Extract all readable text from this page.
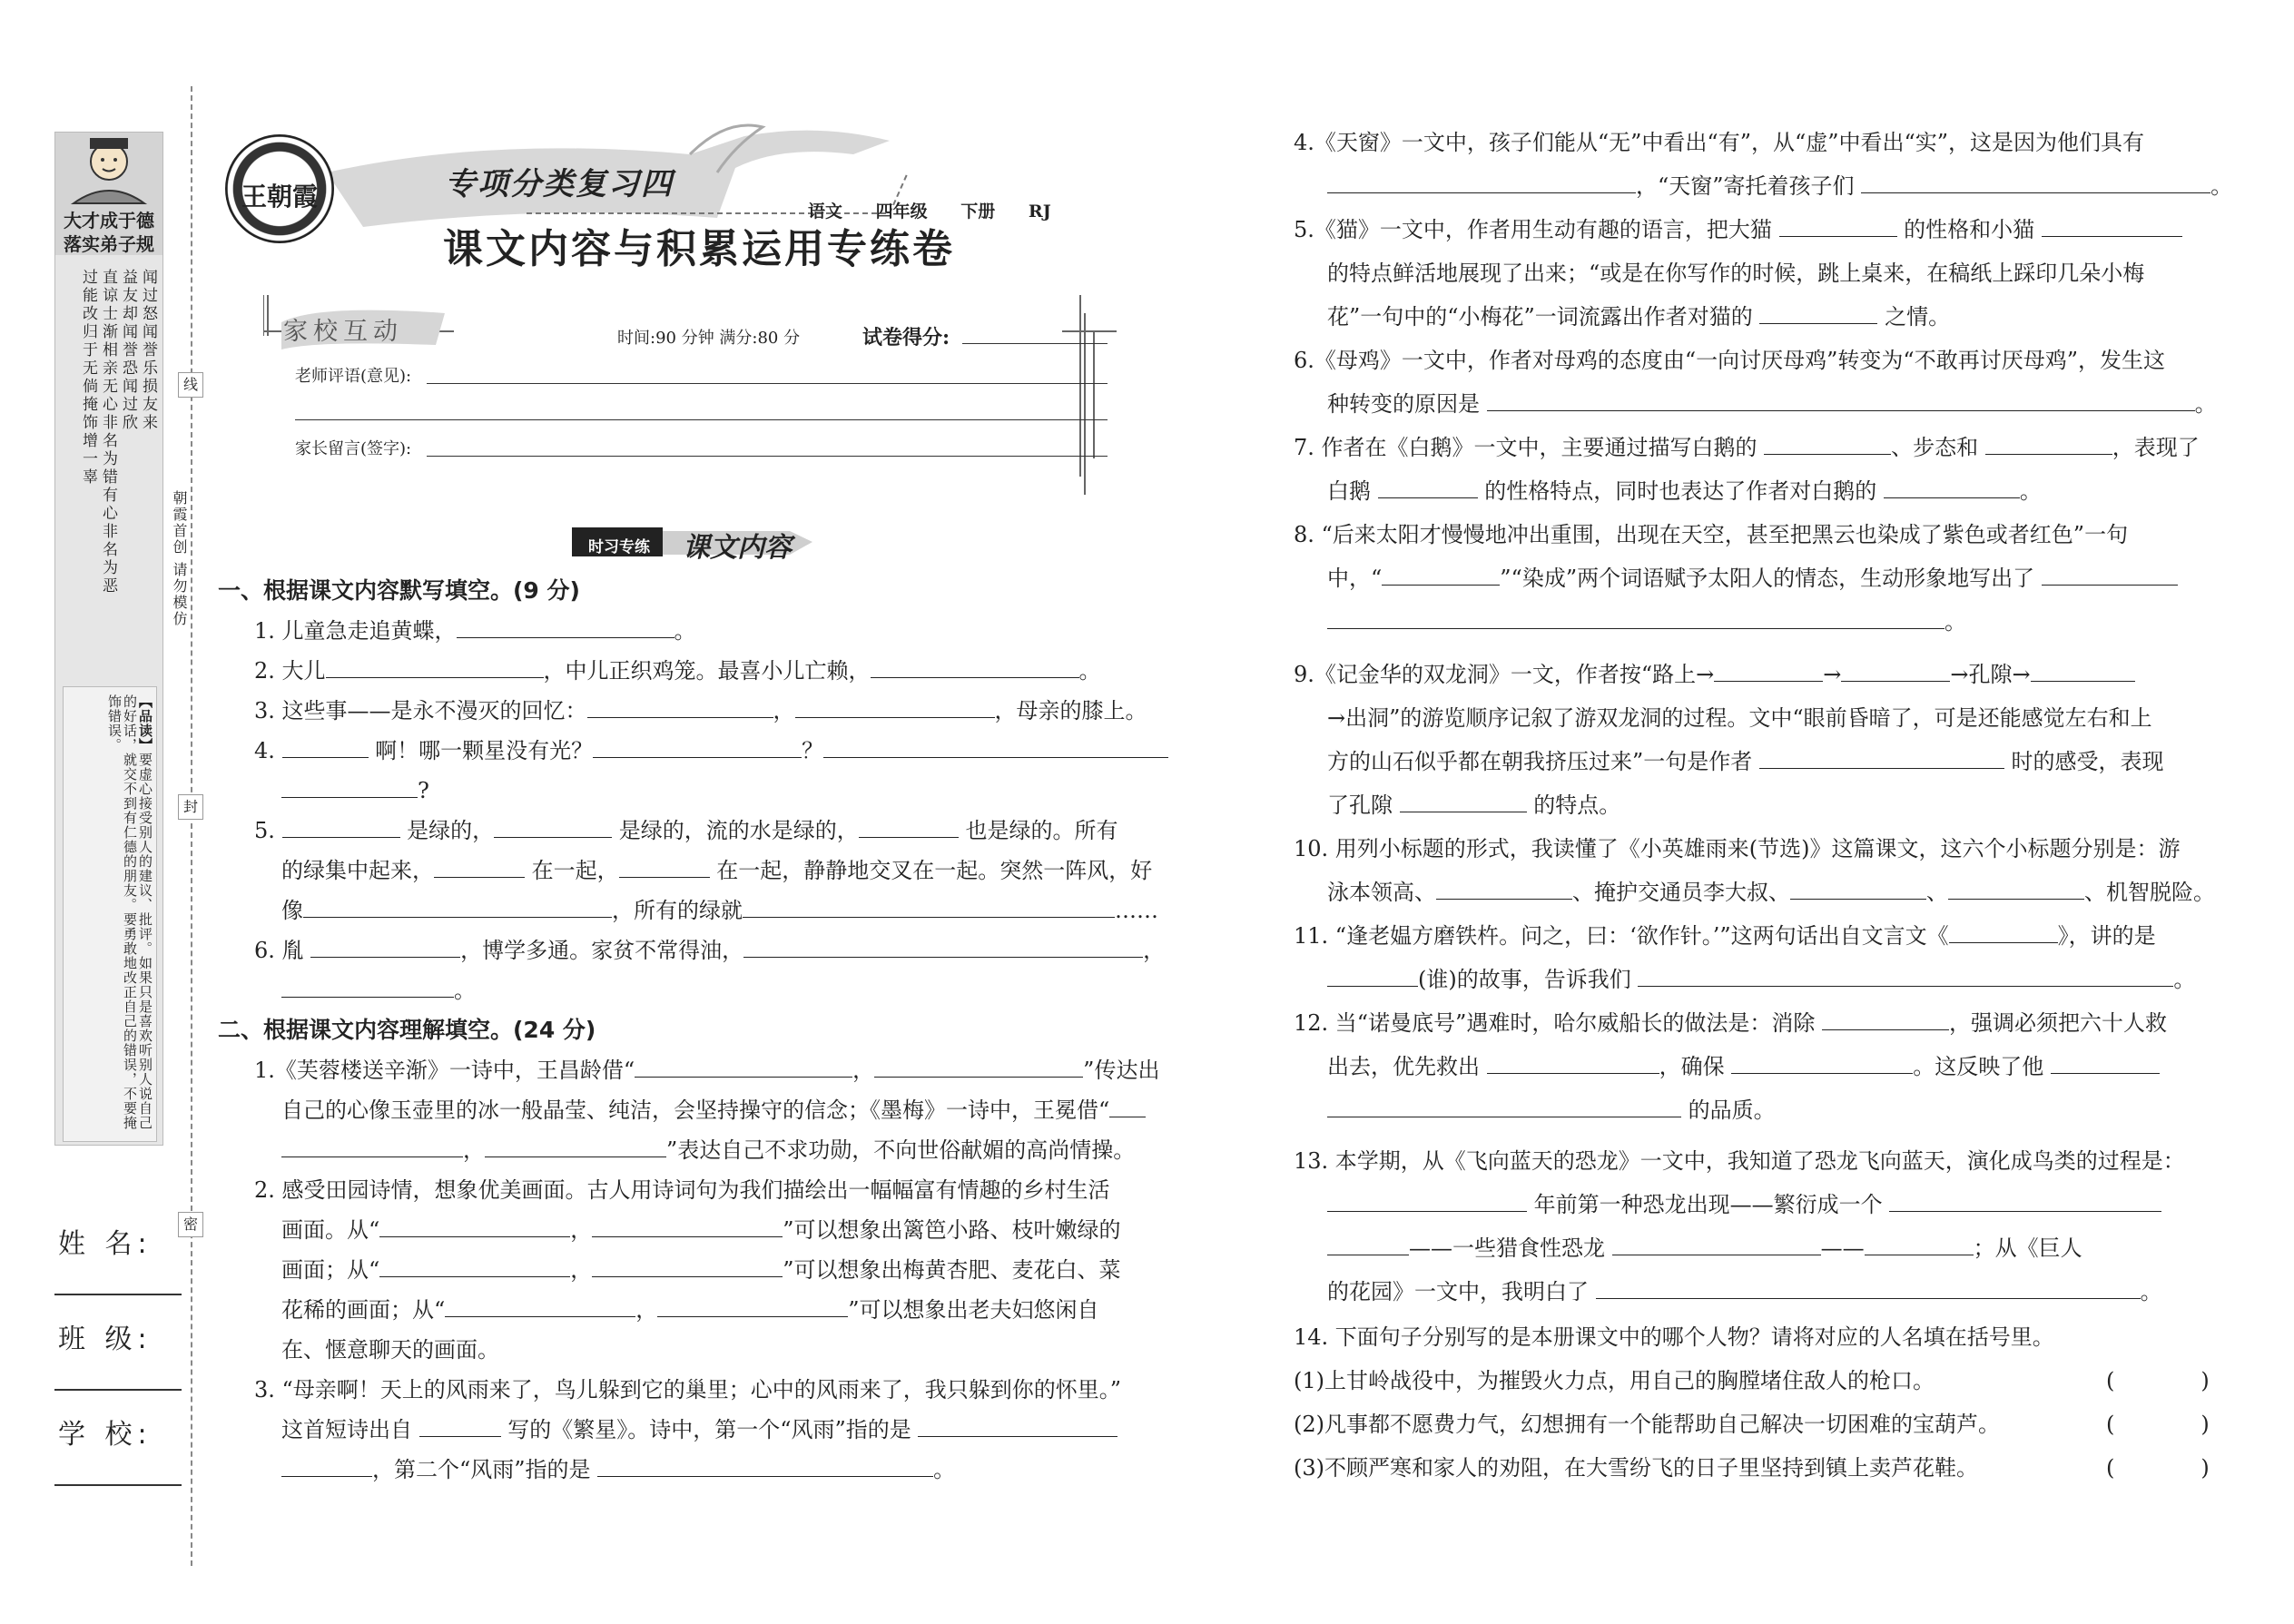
大才成于德
落实弟子规
闻过怒闻誉乐损友来
益友却闻誉恐闻过欣
直谅士渐相亲无心非名为错有心非名为恶
过能改归于无倘掩饰增一辜
【品读】要虚心接受别人的建议、批评。如果只是喜欢听别人说自己的好话，就交不到有仁德的朋友。要勇敢地改正自己的错误，不要掩饰错误。
姓 名:
班 级:
学 校:
线
封
密
朝霞首创 请勿模仿
王朝霞	专项分类复习四
课文内容与积累运用专练卷
语文 四年级 下册 RJ
家校互动	时间:90 分钟 满分:80 分	试卷得分:
老师评语(意见):
家长留言(签字):
时习专练 课文内容
一、根据课文内容默写填空。(9 分)
1. 儿童急走追黄蝶，	。
2. 大儿	，中儿正织鸡笼。最喜小儿亡赖，	。
3. 这些事——是永不漫灭的回忆：	，	，母亲的膝上。
4.	啊！哪一颗星没有光？	？
?
5.	是绿的，	是绿的，流的水是绿的，	也是绿的。所有
的绿集中起来，	在一起，	在一起，静静地交叉在一起。突然一阵风，好
像	，所有的绿就	……
6. 胤	，博学多通。家贫不常得油，	，
。
二、根据课文内容理解填空。(24 分)
1.《芙蓉楼送辛渐》一诗中，王昌龄借“	，	”传达出
自己的心像玉壶里的冰一般晶莹、纯洁，会坚持操守的信念；《墨梅》一诗中，王冕借“
，	”表达自己不求功勋，不向世俗献媚的高尚情操。
2. 感受田园诗情，想象优美画面。古人用诗词句为我们描绘出一幅幅富有情趣的乡村生活
画面。从“	，	”可以想象出篱笆小路、枝叶嫩绿的
画面；从“	，	”可以想象出梅黄杏肥、麦花白、菜
花稀的画面；从“	，	”可以想象出老夫妇悠闲自
在、惬意聊天的画面。
3. “母亲啊！天上的风雨来了，鸟儿躲到它的巢里；心中的风雨来了，我只躲到你的怀里。”
这首短诗出自	写的《繁星》。诗中，第一个“风雨”指的是
，第二个“风雨”指的是	。
4.《天窗》一文中，孩子们能从“无”中看出“有”，从“虚”中看出“实”，这是因为他们具有
，“天窗”寄托着孩子们	。
5.《猫》一文中，作者用生动有趣的语言，把大猫	的性格和小猫
的特点鲜活地展现了出来；“或是在你写作的时候，跳上桌来，在稿纸上踩印几朵小梅
花”一句中的“小梅花”一词流露出作者对猫的	之情。
6.《母鸡》一文中，作者对母鸡的态度由“一向讨厌母鸡”转变为“不敢再讨厌母鸡”，发生这
种转变的原因是	。
7. 作者在《白鹅》一文中，主要通过描写白鹅的	、步态和	，表现了
白鹅	的性格特点，同时也表达了作者对白鹅的	。
8. “后来太阳才慢慢地冲出重围，出现在天空，甚至把黑云也染成了紫色或者红色”一句
中，“	”“染成”两个词语赋予太阳人的情态，生动形象地写出了
。
9.《记金华的双龙洞》一文，作者按“路上→	→	→孔隙→
→出洞”的游览顺序记叙了游双龙洞的过程。文中“眼前昏暗了，可是还能感觉左右和上
方的山石似乎都在朝我挤压过来”一句是作者	时的感受，表现
了孔隙	的特点。
10. 用列小标题的形式，我读懂了《小英雄雨来(节选)》这篇课文，这六个小标题分别是：游
泳本领高、	、掩护交通员李大叔、	、	、机智脱险。
11. “逢老媪方磨铁杵。问之，曰：‘欲作针。’”这两句话出自文言文《	》，讲的是
(谁)的故事，告诉我们	。
12. 当“诺曼底号”遇难时，哈尔威船长的做法是：消除	，强调必须把六十人救
出去，优先救出	，确保	。这反映了他
的品质。
13. 本学期，从《飞向蓝天的恐龙》一文中，我知道了恐龙飞向蓝天，演化成鸟类的过程是：
年前第一种恐龙出现——繁衍成一个
——一些猎食性恐龙	——	；从《巨人
的花园》一文中，我明白了	。
14. 下面句子分别写的是本册课文中的哪个人物？请将对应的人名填在括号里。
(1)上甘岭战役中，为摧毁火力点，用自己的胸膛堵住敌人的枪口。	(	)
(2)凡事都不愿费力气，幻想拥有一个能帮助自己解决一切困难的宝葫芦。	(	)
(3)不顾严寒和家人的劝阻，在大雪纷飞的日子里坚持到镇上卖芦花鞋。	(	)
